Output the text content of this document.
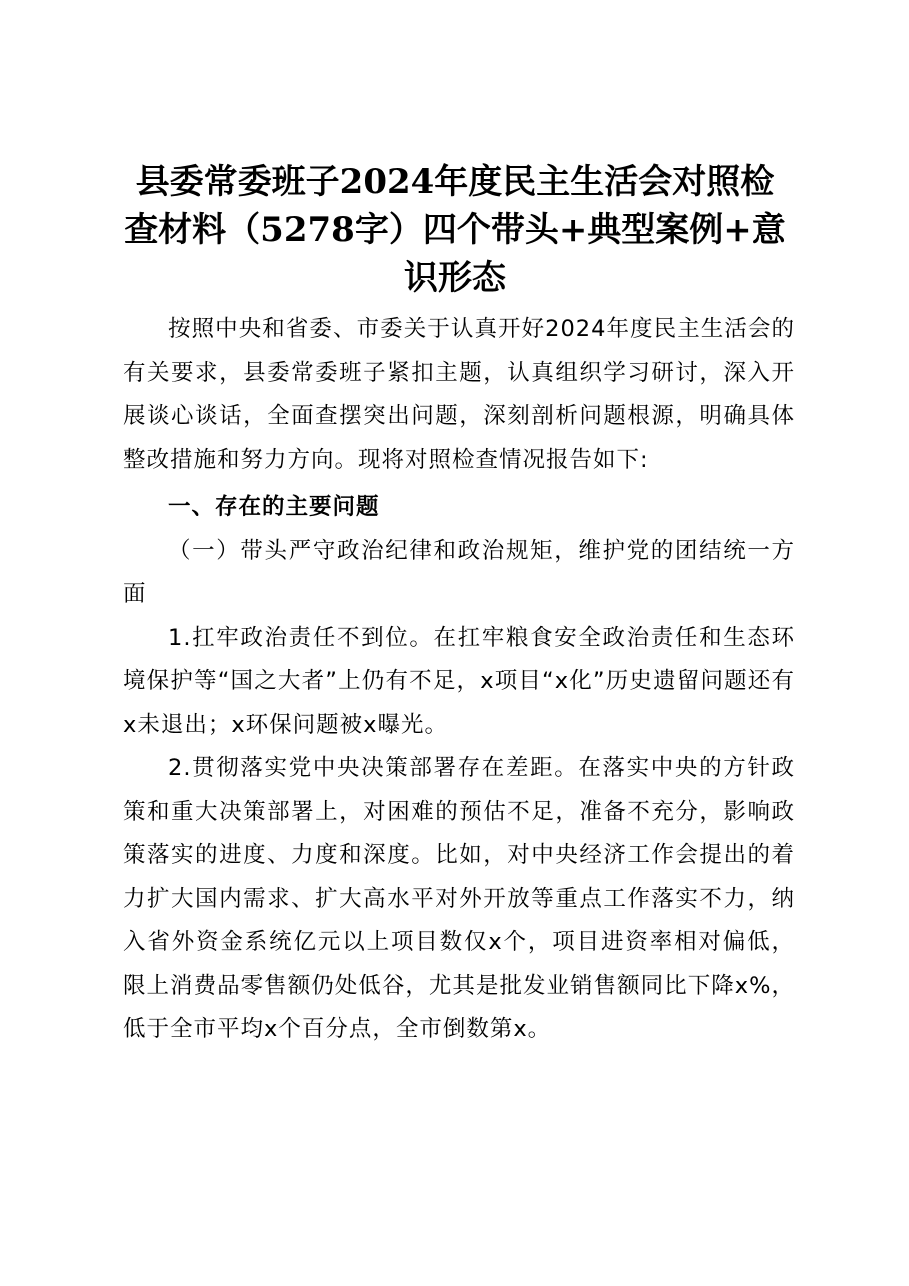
县委常委班子2024年度民主生活会对照检查材料（5278字）四个带头+典型案例+意识形态

按照中央和省委、市委关于认真开好2024年度民主生活会的有关要求，县委常委班子紧扣主题，认真组织学习研讨，深入开展谈心谈话，全面查摆突出问题，深刻剖析问题根源，明确具体整改措施和努力方向。现将对照检查情况报告如下:

一、存在的主要问题

（一）带头严守政治纪律和政治规矩，维护党的团结统一方面

1.扛牢政治责任不到位。在扛牢粮食安全政治责任和生态环境保护等“国之大者”上仍有不足，x项目“x化”历史遗留问题还有x未退出；x环保问题被x曝光。

2.贯彻落实党中央决策部署存在差距。在落实中央的方针政策和重大决策部署上，对困难的预估不足，准备不充分，影响政策落实的进度、力度和深度。比如，对中央经济工作会提出的着力扩大国内需求、扩大高水平对外开放等重点工作落实不力，纳入省外资金系统亿元以上项目数仅x个，项目进资率相对偏低，限上消费品零售额仍处低谷，尤其是批发业销售额同比下降x%，低于全市平均x个百分点，全市倒数第x。
